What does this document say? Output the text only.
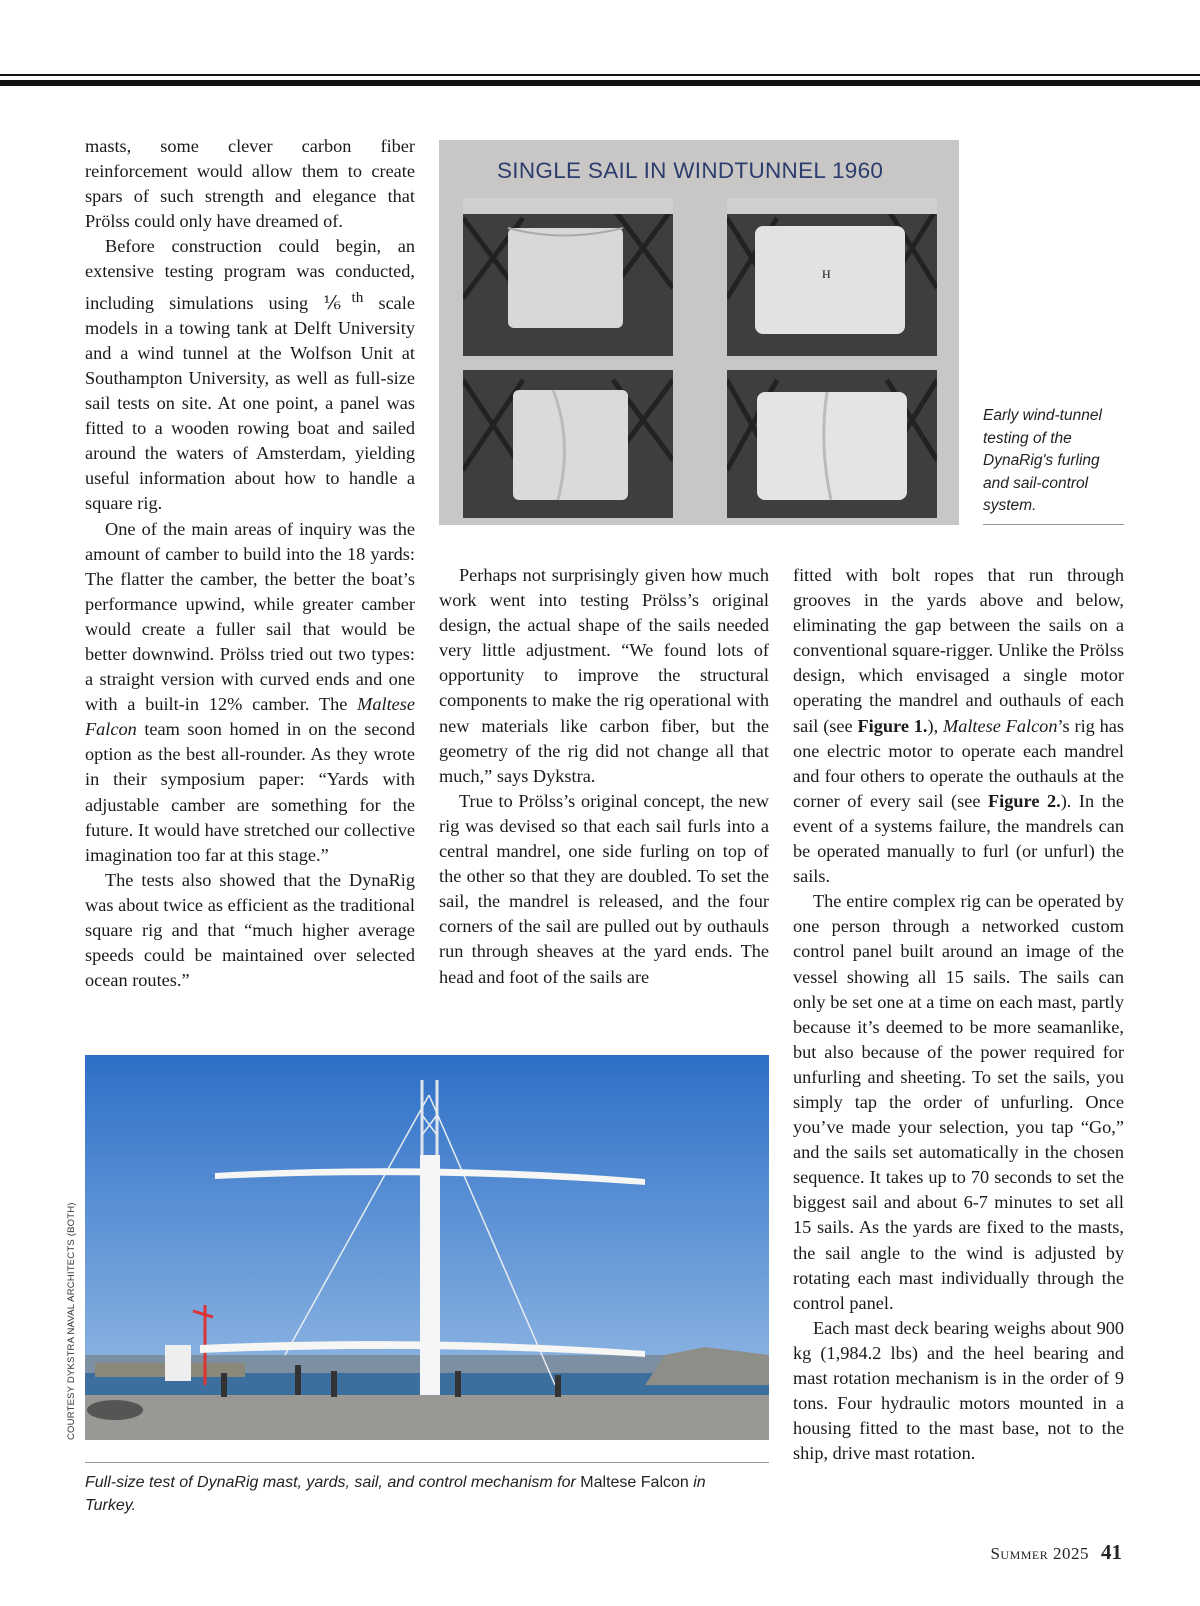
masts, some clever carbon fiber reinforcement would allow them to create spars of such strength and elegance that Prölss could only have dreamed of.

Before construction could begin, an extensive testing program was conducted, including simulations using ⅙$^{th}$ scale models in a towing tank at Delft University and a wind tunnel at the Wolfson Unit at Southampton University, as well as full-size sail tests on site. At one point, a panel was fitted to a wooden rowing boat and sailed around the waters of Amsterdam, yielding useful information about how to handle a square rig.

One of the main areas of inquiry was the amount of camber to build into the 18 yards: The flatter the camber, the better the boat’s performance upwind, while greater camber would create a fuller sail that would be better downwind. Prölss tried out two types: a straight version with curved ends and one with a built-in 12% camber. The Maltese Falcon team soon homed in on the second option as the best all-rounder. As they wrote in their symposium paper: “Yards with adjustable camber are something for the future. It would have stretched our collective imagination too far at this stage.”

The tests also showed that the DynaRig was about twice as efficient as the traditional square rig and that “much higher average speeds could be maintained over selected ocean routes.”

SINGLE SAIL IN WINDTUNNEL 1960
H
Early wind-tunnel testing of the DynaRig's furling and sail-control system.

Perhaps not surprisingly given how much work went into testing Prölss’s original design, the actual shape of the sails needed very little adjustment. “We found lots of opportunity to improve the structural components to make the rig operational with new materials like carbon fiber, but the geometry of the rig did not change all that much,” says Dykstra.

True to Prölss’s original concept, the new rig was devised so that each sail furls into a central mandrel, one side furling on top of the other so that they are doubled. To set the sail, the mandrel is released, and the four corners of the sail are pulled out by outhauls run through sheaves at the yard ends. The head and foot of the sails are

fitted with bolt ropes that run through grooves in the yards above and below, eliminating the gap between the sails on a conventional square-rigger. Unlike the Prölss design, which envisaged a single motor operating the mandrel and outhauls of each sail (see Figure 1.), Maltese Falcon’s rig has one electric motor to operate each mandrel and four others to operate the outhauls at the corner of every sail (see Figure 2.). In the event of a systems failure, the mandrels can be operated manually to furl (or unfurl) the sails.

The entire complex rig can be operated by one person through a networked custom control panel built around an image of the vessel showing all 15 sails. The sails can only be set one at a time on each mast, partly because it’s deemed to be more seamanlike, but also because of the power required for unfurling and sheeting. To set the sails, you simply tap the order of unfurling. Once you’ve made your selection, you tap “Go,” and the sails set automatically in the chosen sequence. It takes up to 70 seconds to set the biggest sail and about 6-7 minutes to set all 15 sails. As the yards are fixed to the masts, the sail angle to the wind is adjusted by rotating each mast individually through the control panel.

Each mast deck bearing weighs about 900 kg (1,984.2 lbs) and the heel bearing and mast rotation mechanism is in the order of 9 tons. Four hydraulic motors mounted in a housing fitted to the mast base, not to the ship, drive mast rotation.

COURTESY DYKSTRA NAVAL ARCHITECTS (BOTH)
Full-size test of DynaRig mast, yards, sail, and control mechanism for Maltese Falcon in Turkey.
Summer 2025 41
